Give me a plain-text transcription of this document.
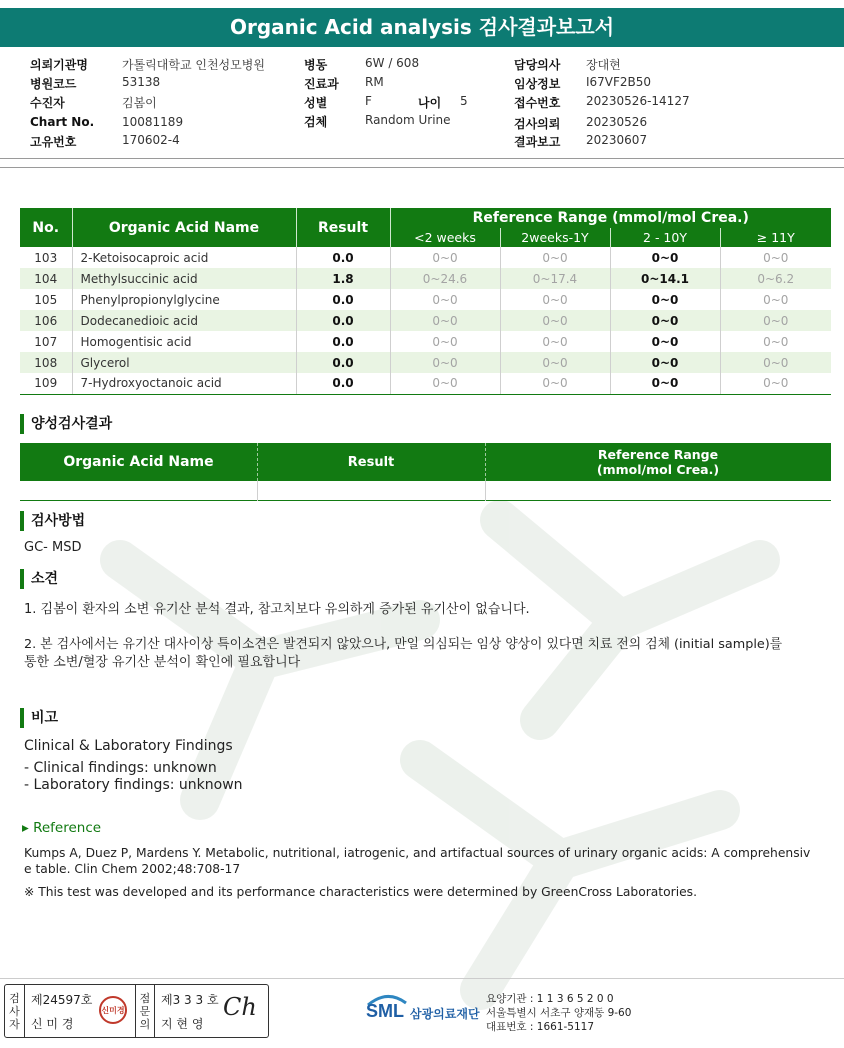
Organic Acid analysis 검사결과보고서
의뢰기관명	가톨릭대학교 인천성모병원
병원코드	53138
수진자	김봄이
Chart No. 10081189
고유번호	170602-4
병동	6W / 608
진료과 RM
성별	F	나이 5
검체	Random Urine
담당의사 장대현
임상정보 I67VF2B50
접수번호 20230526-14127
검사의뢰 20230526
결과보고 20230607
No.	Organic Acid Name	Result	Reference Range (mmol/mol Crea.)			
			<2 weeks	2weeks-1Y	2 - 10Y	≥ 11Y
103	2-Ketoisocaproic acid	0.0	0~0	0~0	0~0	0~0
104	Methylsuccinic acid	1.8	0~24.6	0~17.4	0~14.1	0~6.2
105	Phenylpropionylglycine	0.0	0~0	0~0	0~0	0~0
106	Dodecanedioic acid	0.0	0~0	0~0	0~0	0~0
107	Homogentisic acid	0.0	0~0	0~0	0~0	0~0
108	Glycerol	0.0	0~0	0~0	0~0	0~0
109	7-Hydroxyoctanoic acid	0.0	0~0	0~0	0~0	0~0
양성검사결과
Organic Acid Name	Result	Reference Range
(mmol/mol Crea.)
검사방법
GC- MSD
소견
1. 김봄이 환자의 소변 유기산 분석 결과, 참고치보다 유의하게 증가된 유기산이 없습니다.
2. 본 검사에서는 유기산 대사이상 특이소견은 발견되지 않았으나, 만일 의심되는 임상 양상이 있다면 치료 전의 검체 (initial sample)를
통한 소변/혈장 유기산 분석이 확인에 필요합니다
비고
Clinical & Laboratory Findings
- Clinical findings: unknown
- Laboratory findings: unknown
▸ Reference
Kumps A, Duez P, Mardens Y. Metabolic, nutritional, iatrogenic, and artifactual sources of urinary organic acids: A comprehensiv
e table. Clin Chem 2002;48:708-17
※ This test was developed and its performance characteristics were determined by GreenCross Laboratories.
검
사
자
제24597호
신 미 경
신미경
점
문
의
제3 3 3 호
지 현 영
Ch	SML 삼광의료재단
요양기관 : 1 1 3 6 5 2 0 0
서울특별시 서초구 양재동 9-60
대표번호 : 1661-5117
